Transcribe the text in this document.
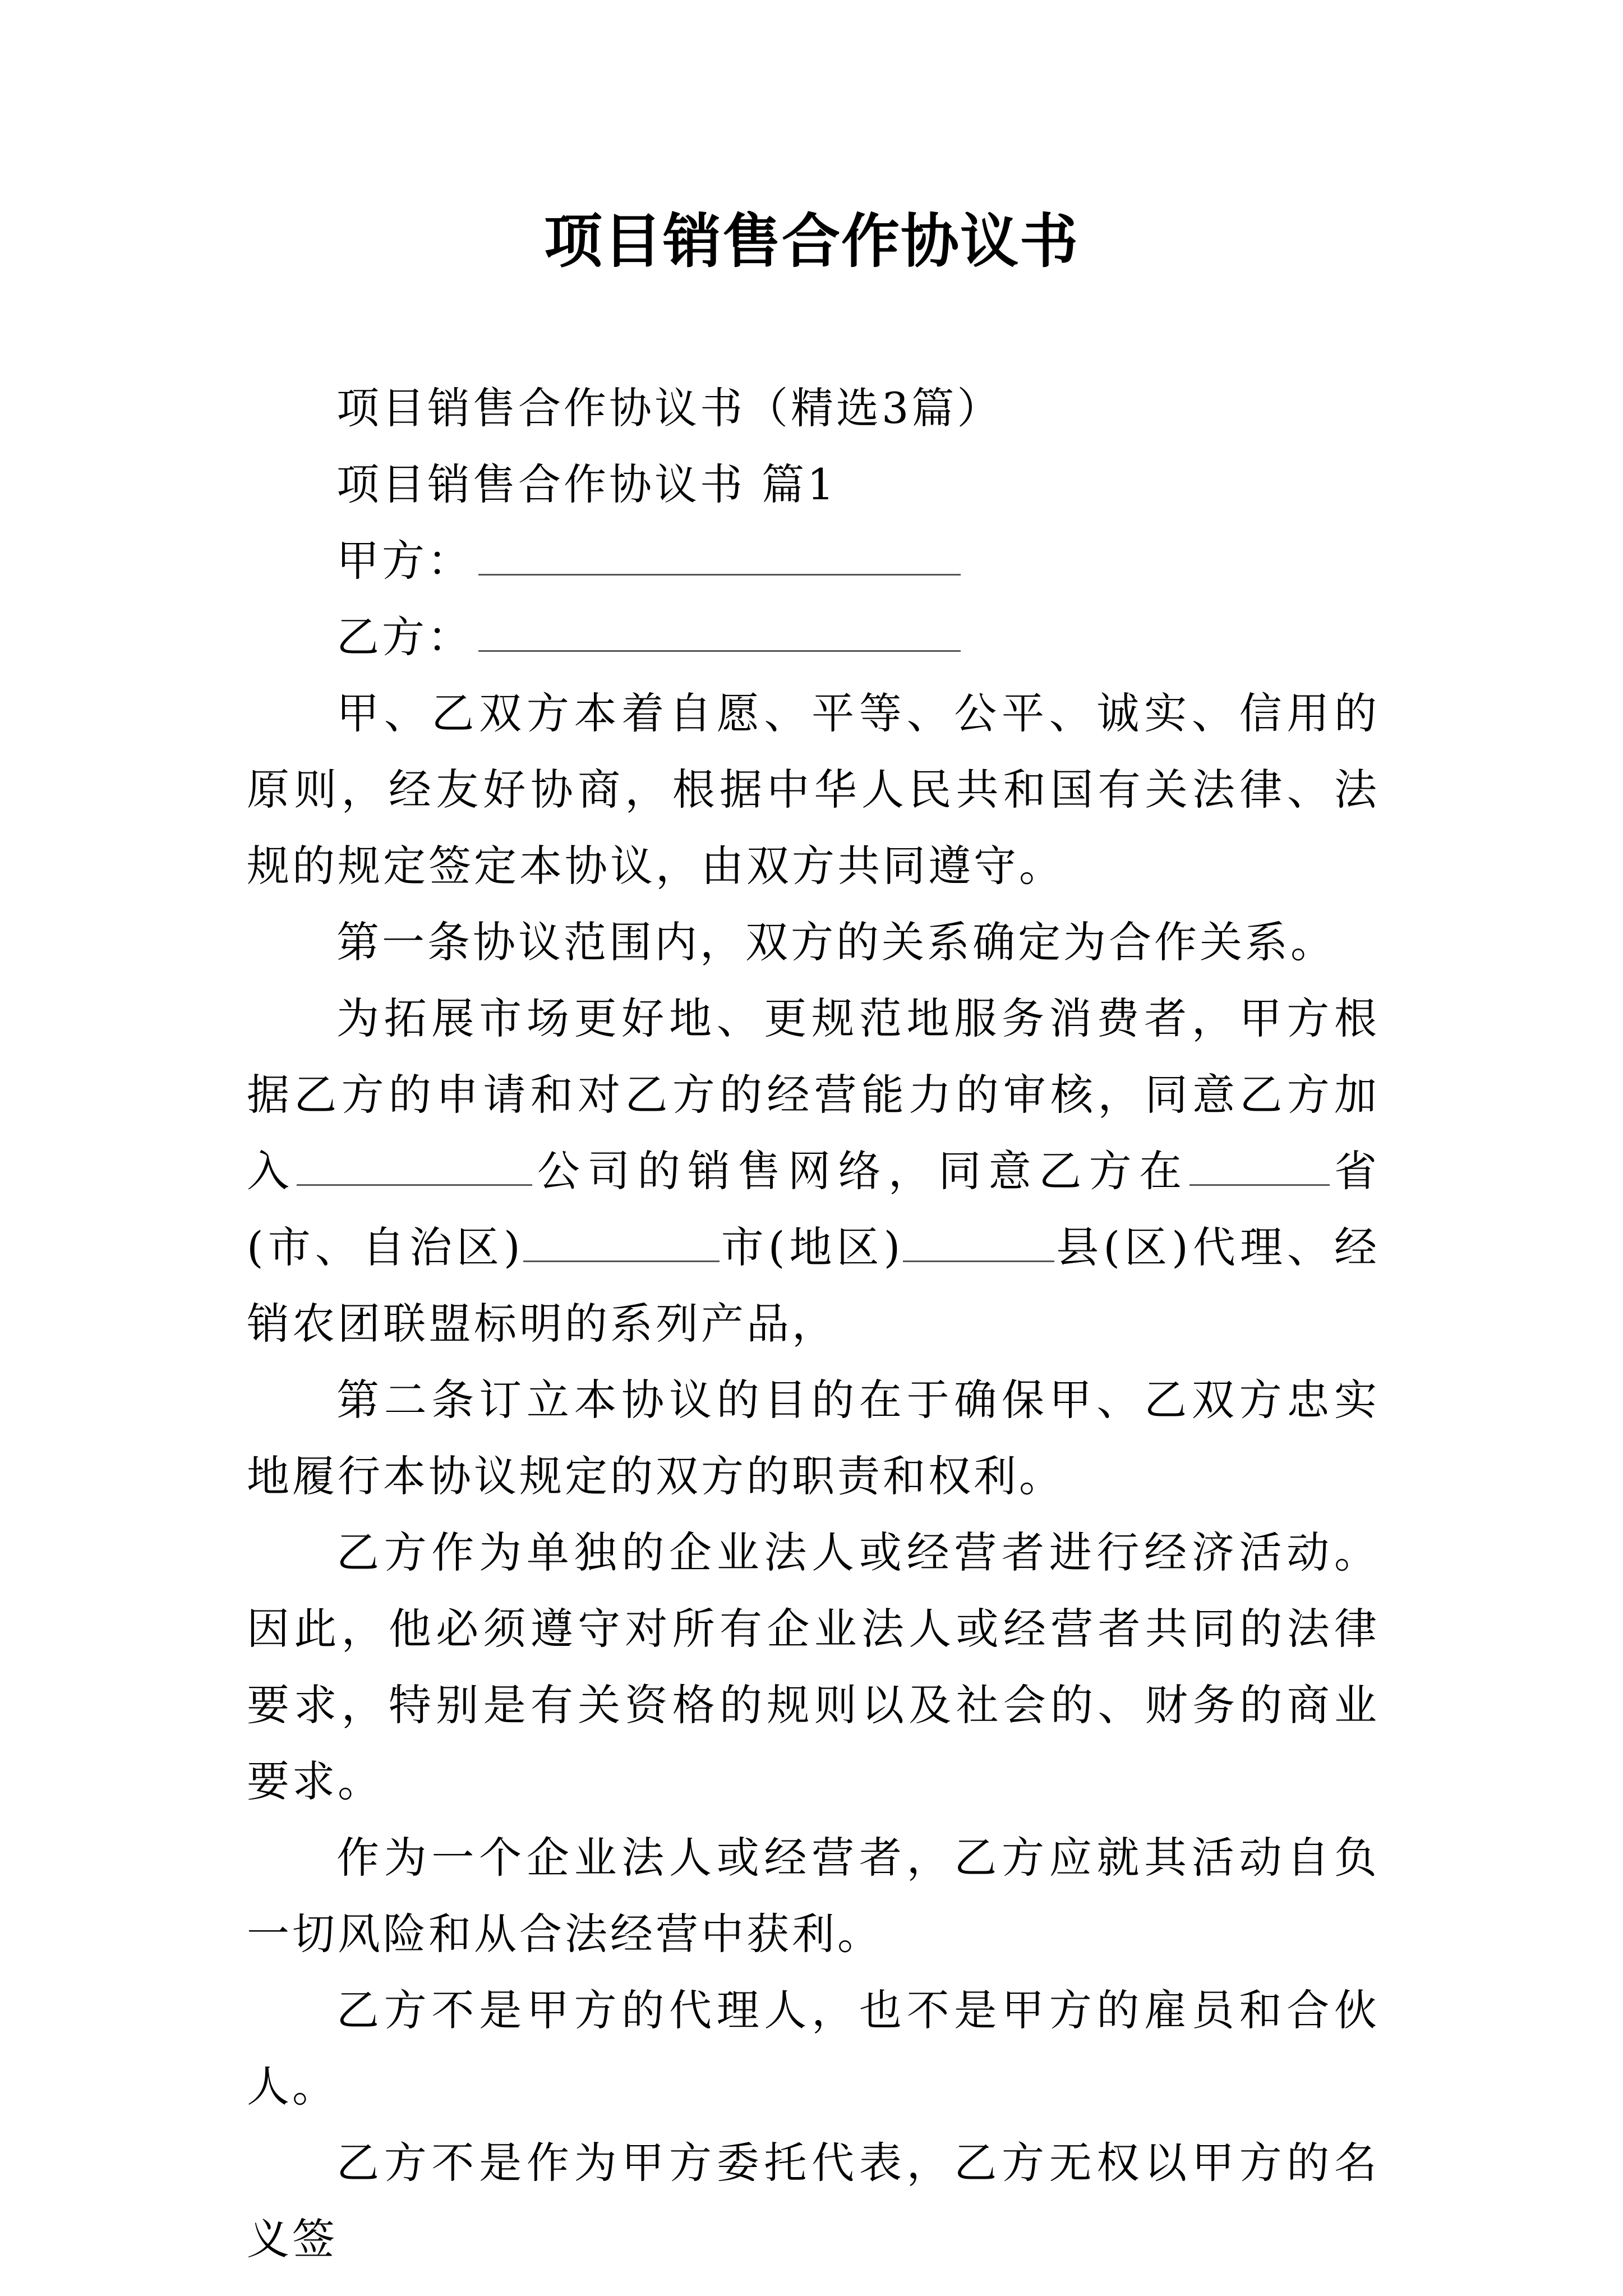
项目销售合作协议书

项目销售合作协议书（精选3篇）

项目销售合作协议书 篇1

甲方：

乙方：

甲、乙双方本着自愿、平等、公平、诚实、信用的原则，经友好协商，根据中华人民共和国有关法律、法规的规定签定本协议，由双方共同遵守。

第一条协议范围内，双方的关系确定为合作关系。

为拓展市场更好地、更规范地服务消费者，甲方根据乙方的申请和对乙方的经营能力的审核，同意乙方加入	公司的销售网络，同意乙方在	省(市、自治区)	市(地区)	县(区)代理、经销农团联盟标明的系列产品，

第二条订立本协议的目的在于确保甲、乙双方忠实地履行本协议规定的双方的职责和权利。

乙方作为单独的企业法人或经营者进行经济活动。因此，他必须遵守对所有企业法人或经营者共同的法律要求，特别是有关资格的规则以及社会的、财务的商业要求。

作为一个企业法人或经营者，乙方应就其活动自负一切风险和从合法经营中获利。

乙方不是甲方的代理人，也不是甲方的雇员和合伙人。

乙方不是作为甲方委托代表，乙方无权以甲方的名义签
